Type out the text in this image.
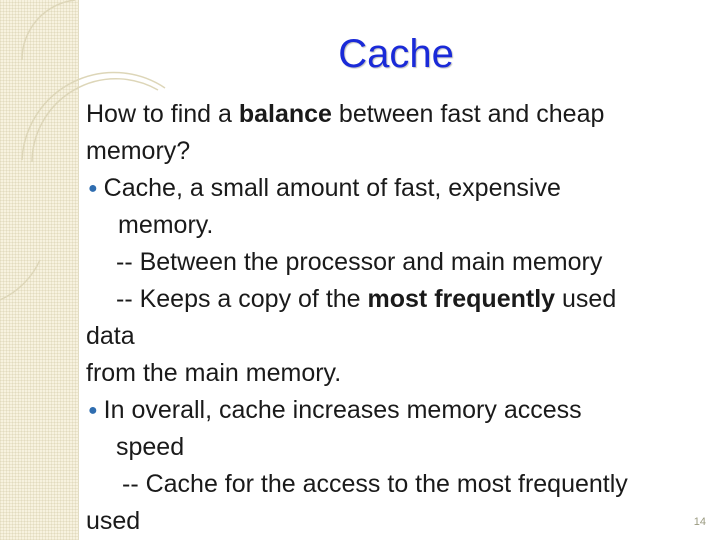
Cache
How to find a balance between fast and cheap
memory?
● Cache, a small amount of fast, expensive
memory.
-- Between the processor and main memory
-- Keeps a copy of the most frequently used
data
from the main memory.
● In overall, cache increases memory access
speed
-- Cache for the access to the most frequently
used	14
